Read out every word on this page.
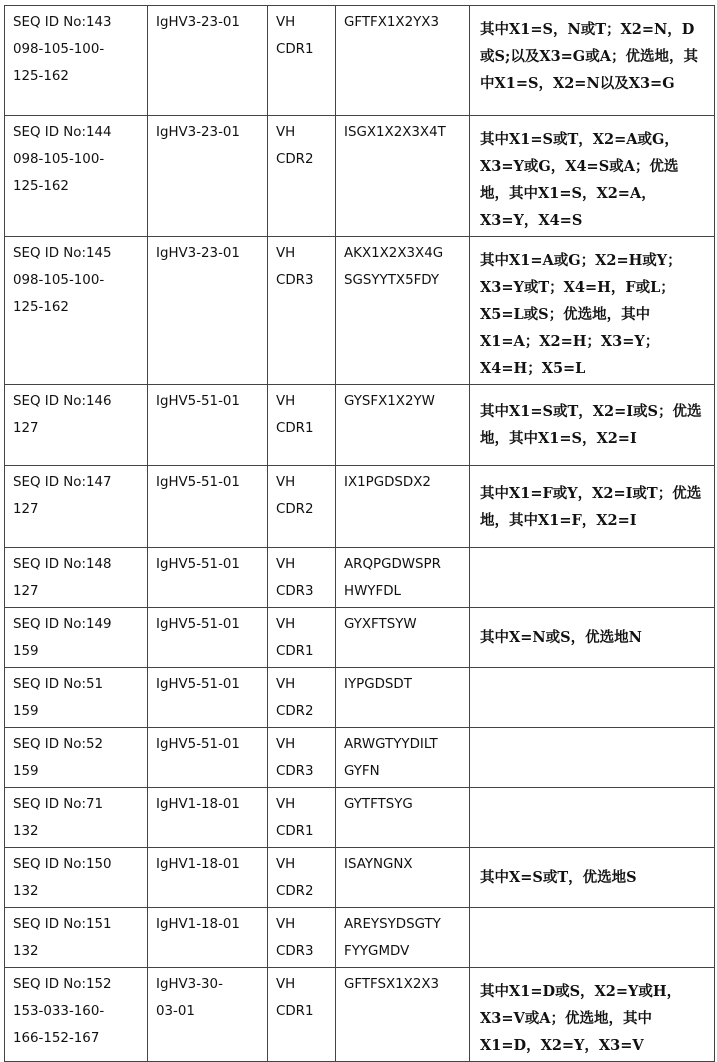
SEQ ID No:143
098-105-100-
125-162	IgHV3-23-01	VH
CDR1	GFTFX1X2YX3	其中X1=S，N或T；X2=N，D或S;以及X3=G或A；优选地，其中X1=S，X2=N以及X3=G

SEQ ID No:144
098-105-100-
125-162	IgHV3-23-01	VH
CDR2	ISGX1X2X3X4T	其中X1=S或T，X2=A或G，X3=Y或G，X4=S或A；优选地，其中X1=S，X2=A，X3=Y，X4=S

SEQ ID No:145
098-105-100-
125-162	IgHV3-23-01	VH
CDR3	AKX1X2X3X4G
SGSYYTX5FDY	其中X1=A或G；X2=H或Y；X3=Y或T；X4=H，F或L；X5=L或S；优选地，其中X1=A；X2=H；X3=Y；X4=H；X5=L

SEQ ID No:146
127	IgHV5-51-01	VH
CDR1	GYSFX1X2YW	其中X1=S或T，X2=I或S；优选地，其中X1=S，X2=I

SEQ ID No:147
127	IgHV5-51-01	VH
CDR2	IX1PGDSDX2	其中X1=F或Y，X2=I或T；优选地，其中X1=F，X2=I

SEQ ID No:148
127	IgHV5-51-01	VH
CDR3	ARQPGDWSPR
HWYFDL	

SEQ ID No:149
159	IgHV5-51-01	VH
CDR1	GYXFTSYW	其中X=N或S，优选地N

SEQ ID No:51
159	IgHV5-51-01	VH
CDR2	IYPGDSDT	

SEQ ID No:52
159	IgHV5-51-01	VH
CDR3	ARWGTYYDILT
GYFN	

SEQ ID No:71
132	IgHV1-18-01	VH
CDR1	GYTFTSYG	

SEQ ID No:150
132	IgHV1-18-01	VH
CDR2	ISAYNGNX	其中X=S或T，优选地S

SEQ ID No:151
132	IgHV1-18-01	VH
CDR3	AREYSYDSGTY
FYYGMDV	

SEQ ID No:152
153-033-160-
166-152-167	IgHV3-30-
03-01	VH
CDR1	GFTFSX1X2X3	其中X1=D或S，X2=Y或H，X3=V或A；优选地，其中X1=D，X2=Y，X3=V
